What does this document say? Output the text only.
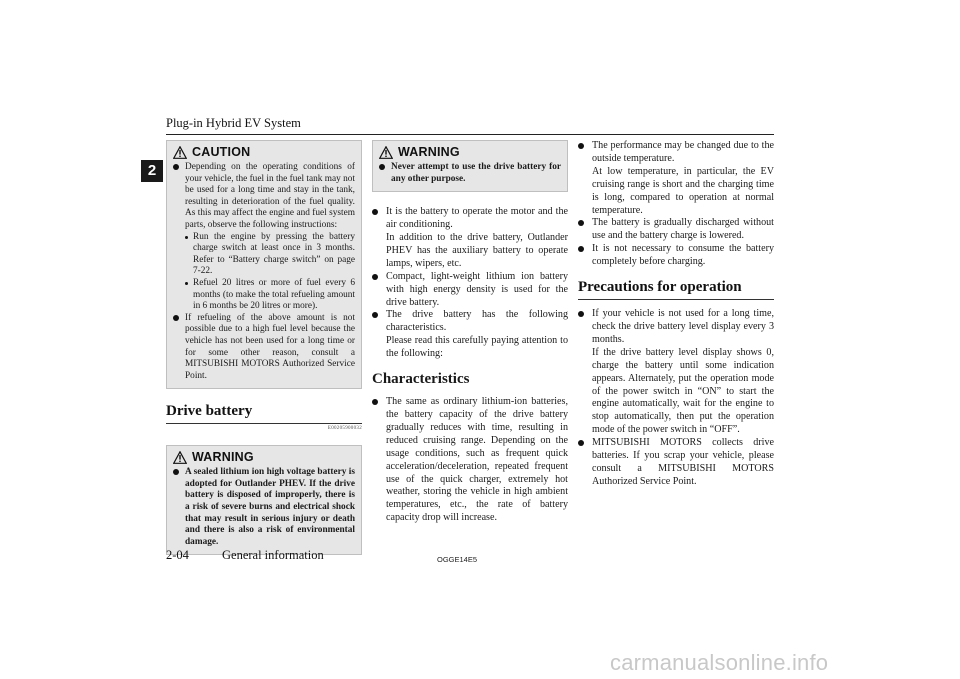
Plug-in Hybrid EV System
2
CAUTION

Depending on the operating conditions of your vehicle, the fuel in the fuel tank may not be used for a long time and stay in the tank, resulting in deterioration of the fuel quality. As this may affect the engine and fuel system parts, observe the following instructions:

Run the engine by pressing the battery charge switch at least once in 3 months. Refer to “Battery charge switch” on page 7-22.

Refuel 20 litres or more of fuel every 6 months (to make the total refueling amount in 6 months be 20 litres or more).

If refueling of the above amount is not possible due to a high fuel level because the vehicle has not been used for a long time or for some other reason, consult a MITSUBISHI MOTORS Authorized Service Point.

Drive battery
E00205900032
WARNING

A sealed lithium ion high voltage battery is adopted for Outlander PHEV. If the drive battery is disposed of improperly, there is a risk of severe burns and electrical shock that may result in serious injury or death and there is also a risk of environmental damage.

WARNING

Never attempt to use the drive battery for any other purpose.

It is the battery to operate the motor and the air conditioning.
In addition to the drive battery, Outlander PHEV has the auxiliary battery to operate lamps, wipers, etc.

Compact, light-weight lithium ion battery with high energy density is used for the drive battery.

The drive battery has the following characteristics.
Please read this carefully paying attention to the following:

Characteristics

The same as ordinary lithium-ion batteries, the battery capacity of the drive battery gradually reduces with time, resulting in reduced cruising range. Depending on the usage conditions, such as frequent quick acceleration/deceleration, repeated frequent use of the quick charger, extremely hot weather, storing the vehicle in high ambient temperatures, etc., the rate of battery capacity drop will increase.

The performance may be changed due to the outside temperature.
At low temperature, in particular, the EV cruising range is short and the charging time is long, compared to operation at normal temperature.

The battery is gradually discharged without use and the battery charge is lowered.

It is not necessary to consume the battery completely before charging.

Precautions for operation

If your vehicle is not used for a long time, check the drive battery level display every 3 months.
If the drive battery level display shows 0, charge the battery until some indication appears. Alternately, put the operation mode of the power switch in “ON” to start the engine automatically, wait for the engine to stop automatically, then put the operation mode of the power switch in “OFF”.

MITSUBISHI MOTORS collects drive batteries. If you scrap your vehicle, please consult a MITSUBISHI MOTORS Authorized Service Point.

2-04	General information	OGGE14E5
carmanualsonline.info
